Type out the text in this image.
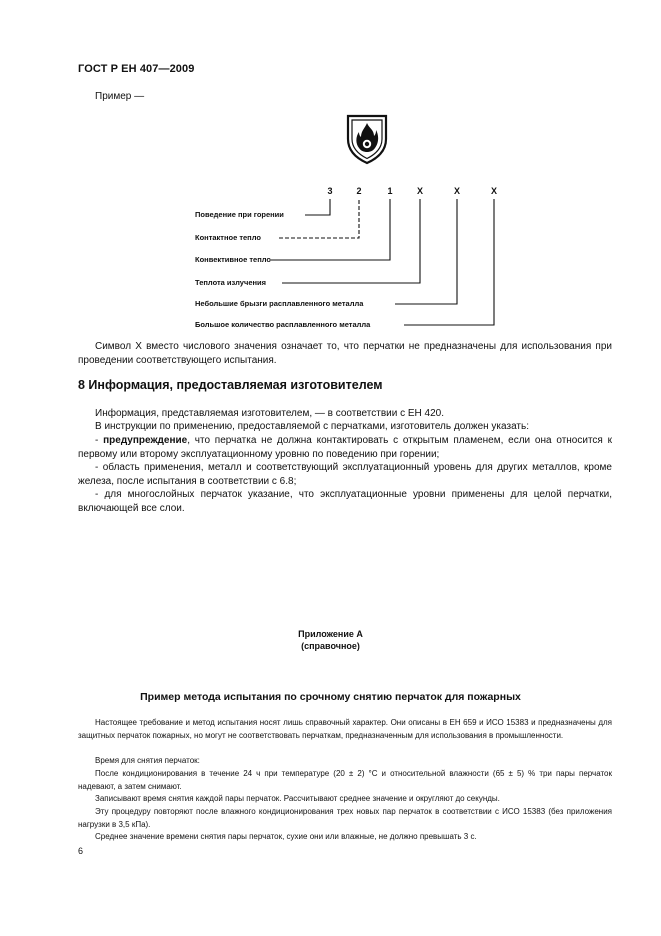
ГОСТ Р ЕН 407—2009
Пример —
3	2	1	X	X	X
Поведение при горении
Контактное тепло
Конвективное тепло
Теплота излучения
Небольшие брызги расплавленного металла
Большое количество расплавленного металла

Символ X вместо числового значения означает то, что перчатки не предназначены для использования при проведении соответствующего испытания.

8 Информация, предоставляемая изготовителем

Информация, представляемая изготовителем, — в соответствии с ЕН 420.

В инструкции по применению, предоставляемой с перчатками, изготовитель должен указать:

- предупреждение, что перчатка не должна контактировать с открытым пламенем, если она относится к первому или второму эксплуатационному уровню по поведению при горении;

- область применения, металл и соответствующий эксплуатационный уровень для других металлов, кроме железа, после испытания в соответствии с 6.8;

- для многослойных перчаток указание, что эксплуатационные уровни применены для целой перчатки, включающей все слои.

Приложение А
(справочное)
Пример метода испытания по срочному снятию перчаток для пожарных

Настоящее требование и метод испытания носят лишь справочный характер. Они описаны в ЕН 659 и ИСО 15383 и предназначены для защитных перчаток пожарных, но могут не соответствовать перчаткам, предназначенным для использования в промышленности.

Время для снятия перчаток:

После кондиционирования в течение 24 ч при температуре (20 ± 2) °С и относительной влажности (65 ± 5) % три пары перчаток надевают, а затем снимают.

Записывают время снятия каждой пары перчаток. Рассчитывают среднее значение и округляют до секунды.

Эту процедуру повторяют после влажного кондиционирования трех новых пар перчаток в соответствии с ИСО 15383 (без приложения нагрузки в 3,5 кПа).

Среднее значение времени снятия пары перчаток, сухие они или влажные, не должно превышать 3 с.

6
